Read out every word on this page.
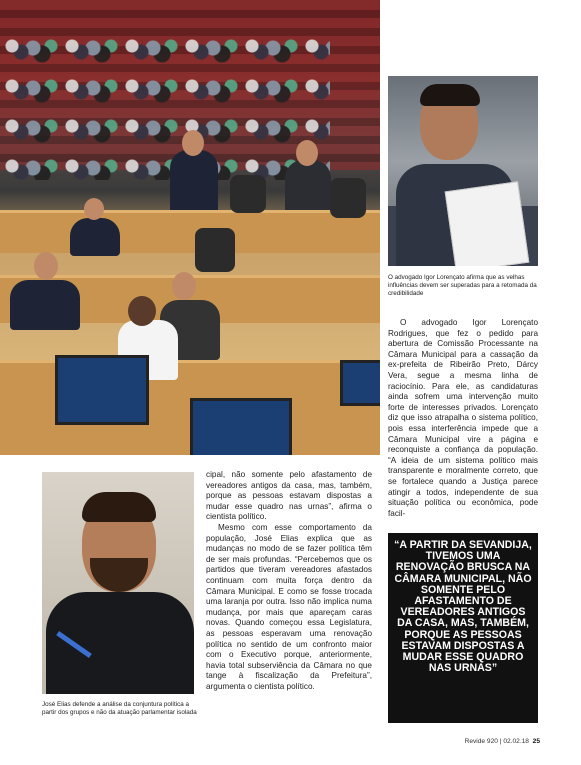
O advogado Igor Lorençato afirma que as velhas influências devem ser superadas para a retomada da credibilidade

O advogado Igor Lorençato Rodrigues, que fez o pedido para abertura de Comissão Processante na Câmara Municipal para a cassação da ex-prefeita de Ribeirão Preto, Dárcy Vera, segue a mesma linha de raciocínio. Para ele, as candidaturas ainda sofrem uma intervenção muito forte de interesses privados. Lorençato diz que isso atrapalha o sistema político, pois essa interferência impede que a Câmara Municipal vire a página e reconquiste a confiança da população. “A ideia de um sistema político mais transparente e moralmente correto, que se fortalece quando a Justiça parece atingir a todos, independente de sua situação política ou econômica, pode facil-

“A PARTIR DA SEVANDIJA, TIVEMOS UMA RENOVAÇÃO BRUSCA NA CÂMARA MUNICIPAL, NÃO SOMENTE PELO AFASTAMENTO DE VEREADORES ANTIGOS DA CASA, MAS, TAMBÉM, PORQUE AS PESSOAS ESTAVAM DISPOSTAS A MUDAR ESSE QUADRO NAS URNAS”
José Elias defende a análise da conjuntura política a partir dos grupos e não da atuação parlamentar isolada

cipal, não somente pelo afastamento de vereadores antigos da casa, mas, também, porque as pessoas estavam dispostas a mudar esse quadro nas urnas”, afirma o cientista político.

Mesmo com esse comportamento da população, José Elias explica que as mudanças no modo de se fazer política têm de ser mais profundas. “Percebemos que os partidos que tiveram vereadores afastados continuam com muita força dentro da Câmara Municipal. E como se fosse trocada uma laranja por outra. Isso não implica numa mudança, por mais que apareçam caras novas. Quando começou essa Legislatura, as pessoas esperavam uma renovação política no sentido de um confronto maior com o Executivo porque, anteriormente, havia total subserviência da Câmara no que tange à fiscalização da Prefeitura”, argumenta o cientista político.

Revide 920 | 02.02.18 25
